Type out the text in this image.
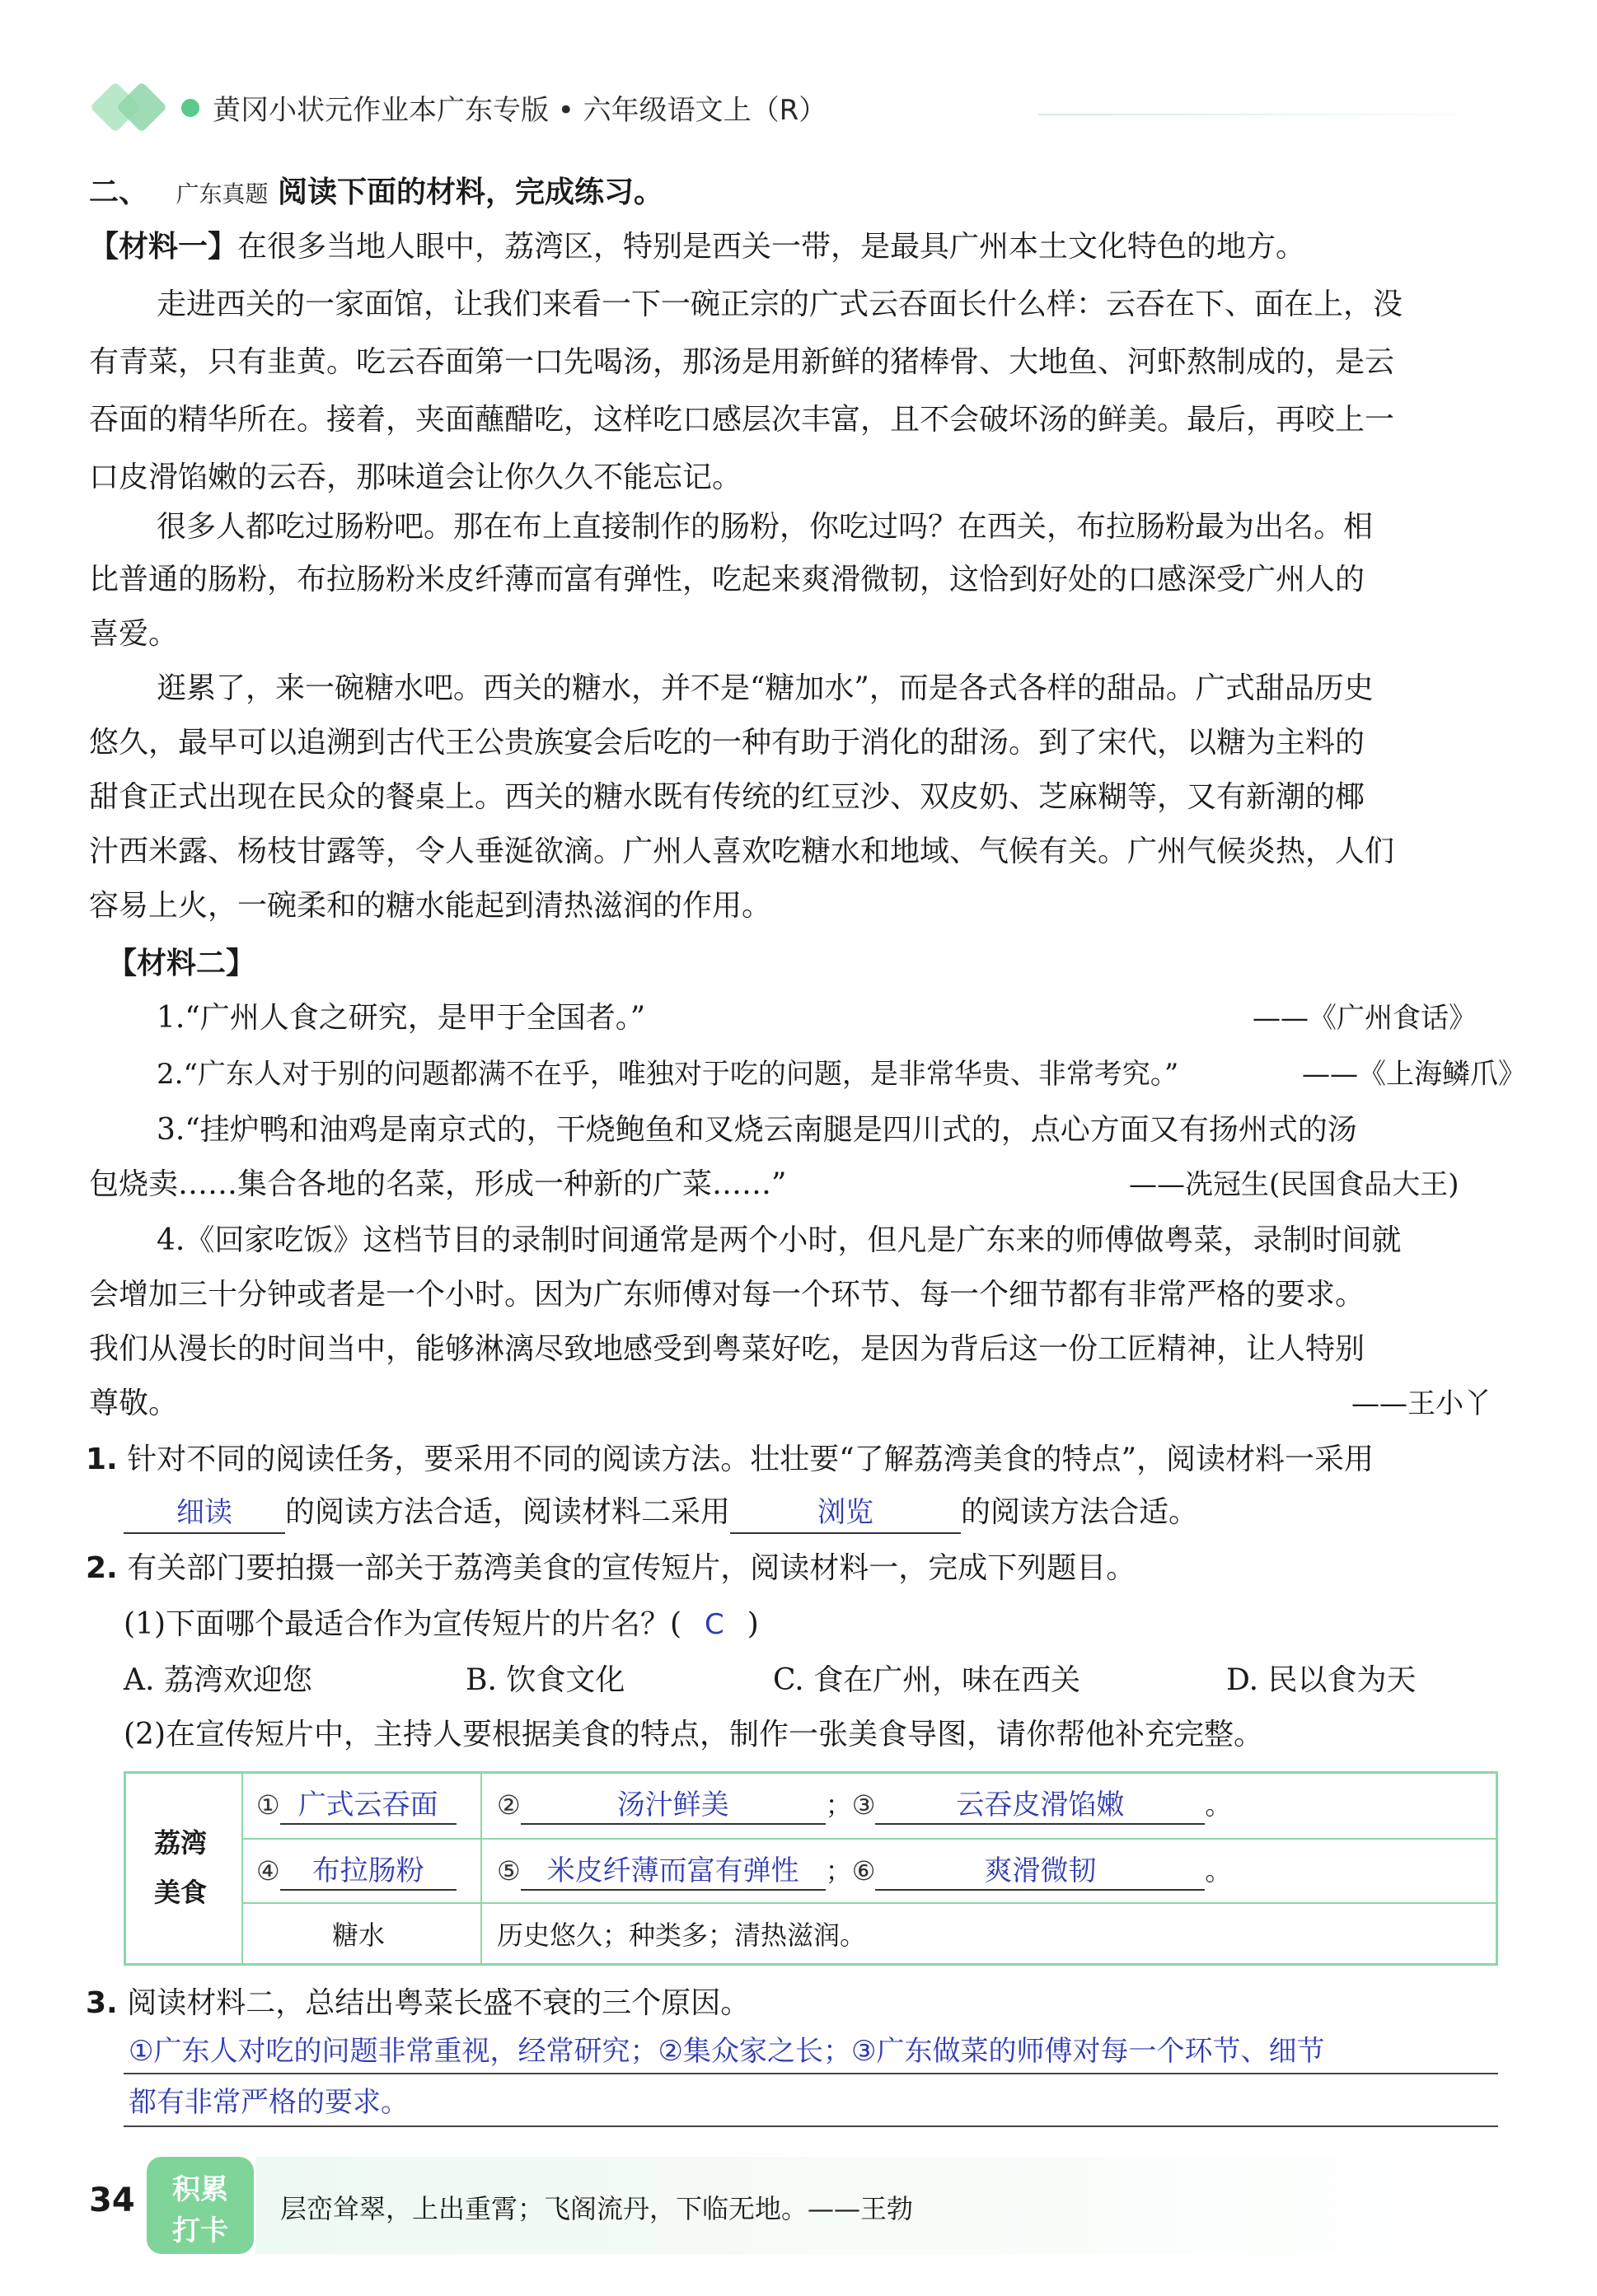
黄冈小状元作业本广东专版 • 六年级语文上（R）
二、 广东真题 阅读下面的材料，完成练习。
【材料一】在很多当地人眼中，荔湾区，特别是西关一带，是最具广州本土文化特色的地方。
走进西关的一家面馆，让我们来看一下一碗正宗的广式云吞面长什么样：云吞在下、面在上，没
有青菜，只有韭黄。吃云吞面第一口先喝汤，那汤是用新鲜的猪棒骨、大地鱼、河虾熬制成的，是云
吞面的精华所在。接着，夹面蘸醋吃，这样吃口感层次丰富，且不会破坏汤的鲜美。最后，再咬上一
口皮滑馅嫩的云吞，那味道会让你久久不能忘记。
很多人都吃过肠粉吧。那在布上直接制作的肠粉，你吃过吗？在西关，布拉肠粉最为出名。相
比普通的肠粉，布拉肠粉米皮纤薄而富有弹性，吃起来爽滑微韧，这恰到好处的口感深受广州人的
喜爱。
逛累了，来一碗糖水吧。西关的糖水，并不是“糖加水”，而是各式各样的甜品。广式甜品历史
悠久，最早可以追溯到古代王公贵族宴会后吃的一种有助于消化的甜汤。到了宋代，以糖为主料的
甜食正式出现在民众的餐桌上。西关的糖水既有传统的红豆沙、双皮奶、芝麻糊等，又有新潮的椰
汁西米露、杨枝甘露等，令人垂涎欲滴。广州人喜欢吃糖水和地域、气候有关。广州气候炎热，人们
容易上火，一碗柔和的糖水能起到清热滋润的作用。
【材料二】
1.“广州人食之研究，是甲于全国者。”	——《广州食话》
2.“广东人对于别的问题都满不在乎，唯独对于吃的问题，是非常华贵、非常考究。”	——《上海鳞爪》
3.“挂炉鸭和油鸡是南京式的，干烧鲍鱼和叉烧云南腿是四川式的，点心方面又有扬州式的汤
包烧卖……集合各地的名菜，形成一种新的广菜……”	——冼冠生(民国食品大王)
4.《回家吃饭》这档节目的录制时间通常是两个小时，但凡是广东来的师傅做粤菜，录制时间就
会增加三十分钟或者是一个小时。因为广东师傅对每一个环节、每一个细节都有非常严格的要求。
我们从漫长的时间当中，能够淋漓尽致地感受到粤菜好吃，是因为背后这一份工匠精神，让人特别
尊敬。	——王小丫
1. 针对不同的阅读任务，要采用不同的阅读方法。壮壮要“了解荔湾美食的特点”，阅读材料一采用
细读 的阅读方法合适，阅读材料二采用	浏览	的阅读方法合适。
2. 有关部门要拍摄一部关于荔湾美食的宣传短片，阅读材料一，完成下列题目。
(1)下面哪个最适合作为宣传短片的片名？( C )
A. 荔湾欢迎您	B. 饮食文化	C. 食在广州，味在西关	D. 民以食为天
(2)在宣传短片中，主持人要根据美食的特点，制作一张美食导图，请你帮他补充完整。
荔湾
美食
① 广式云吞面	②	汤汁鲜美	；③	云吞皮滑馅嫩	。
④ 布拉肠粉	⑤ 米皮纤薄而富有弹性 ；⑥	爽滑微韧	。
糖水	历史悠久；种类多；清热滋润。
3. 阅读材料二，总结出粤菜长盛不衰的三个原因。
①广东人对吃的问题非常重视，经常研究；②集众家之长；③广东做菜的师傅对每一个环节、细节
都有非常严格的要求。
34	积累
打卡
层峦耸翠，上出重霄；飞阁流丹，下临无地。——王勃
